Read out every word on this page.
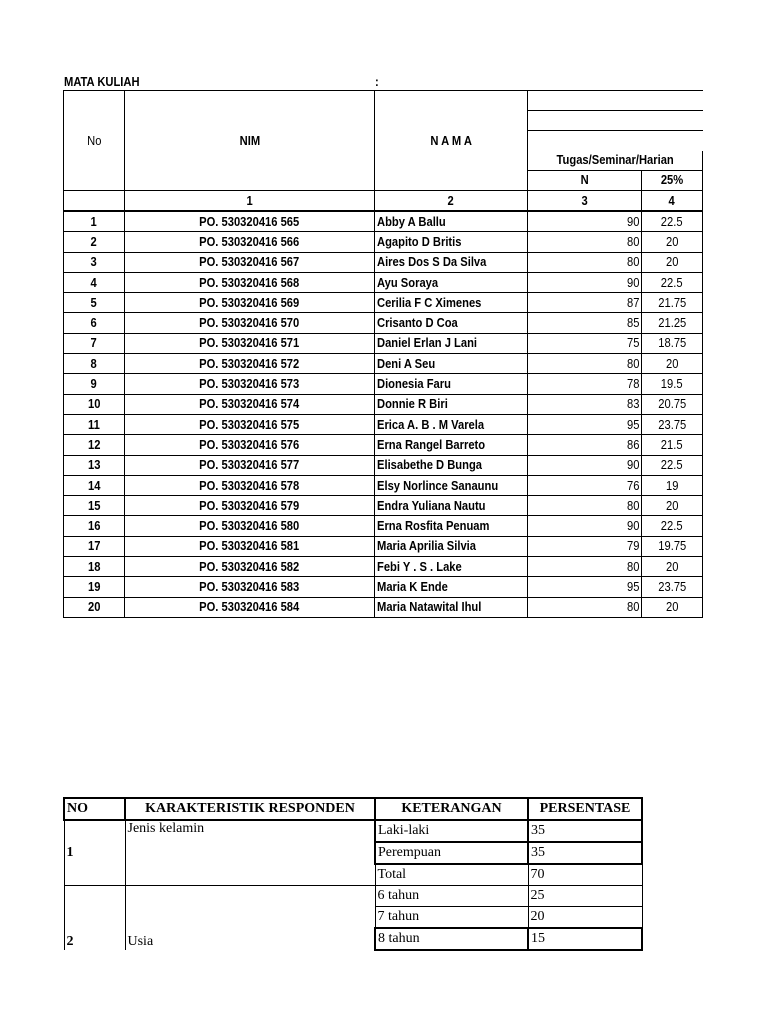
MATA KULIAH	:
No	NIM	N A M A		

			Tugas/Seminar/Harian	
			N	25%
	1	2	3	4
1	PO. 530320416 565	Abby A Ballu	90	22.5
2	PO. 530320416 566	Agapito D Britis	80	20
3	PO. 530320416 567	Aires Dos S Da Silva	80	20
4	PO. 530320416 568	Ayu Soraya	90	22.5
5	PO. 530320416 569	Cerilia F C Ximenes	87	21.75
6	PO. 530320416 570	Crisanto D Coa	85	21.25
7	PO. 530320416 571	Daniel Erlan J Lani	75	18.75
8	PO. 530320416 572	Deni A Seu	80	20
9	PO. 530320416 573	Dionesia Faru	78	19.5
10	PO. 530320416 574	Donnie R Biri	83	20.75
11	PO. 530320416 575	Erica A. B . M Varela	95	23.75
12	PO. 530320416 576	Erna Rangel Barreto	86	21.5
13	PO. 530320416 577	Elisabethe D Bunga	90	22.5
14	PO. 530320416 578	Elsy Norlince Sanaunu	76	19
15	PO. 530320416 579	Endra Yuliana Nautu	80	20
16	PO. 530320416 580	Erna Rosfita Penuam	90	22.5
17	PO. 530320416 581	Maria Aprilia Silvia	79	19.75
18	PO. 530320416 582	Febi Y . S . Lake	80	20
19	PO. 530320416 583	Maria K Ende	95	23.75
20	PO. 530320416 584	Maria Natawital Ihul	80	20
NO	KARAKTERISTIK RESPONDEN	KETERANGAN	PERSENTASE
1	Jenis kelamin	Laki-laki	35
		Perempuan	35
		Total	70
2	Usia	6 tahun	25
		7 tahun	20
		8 tahun	15
